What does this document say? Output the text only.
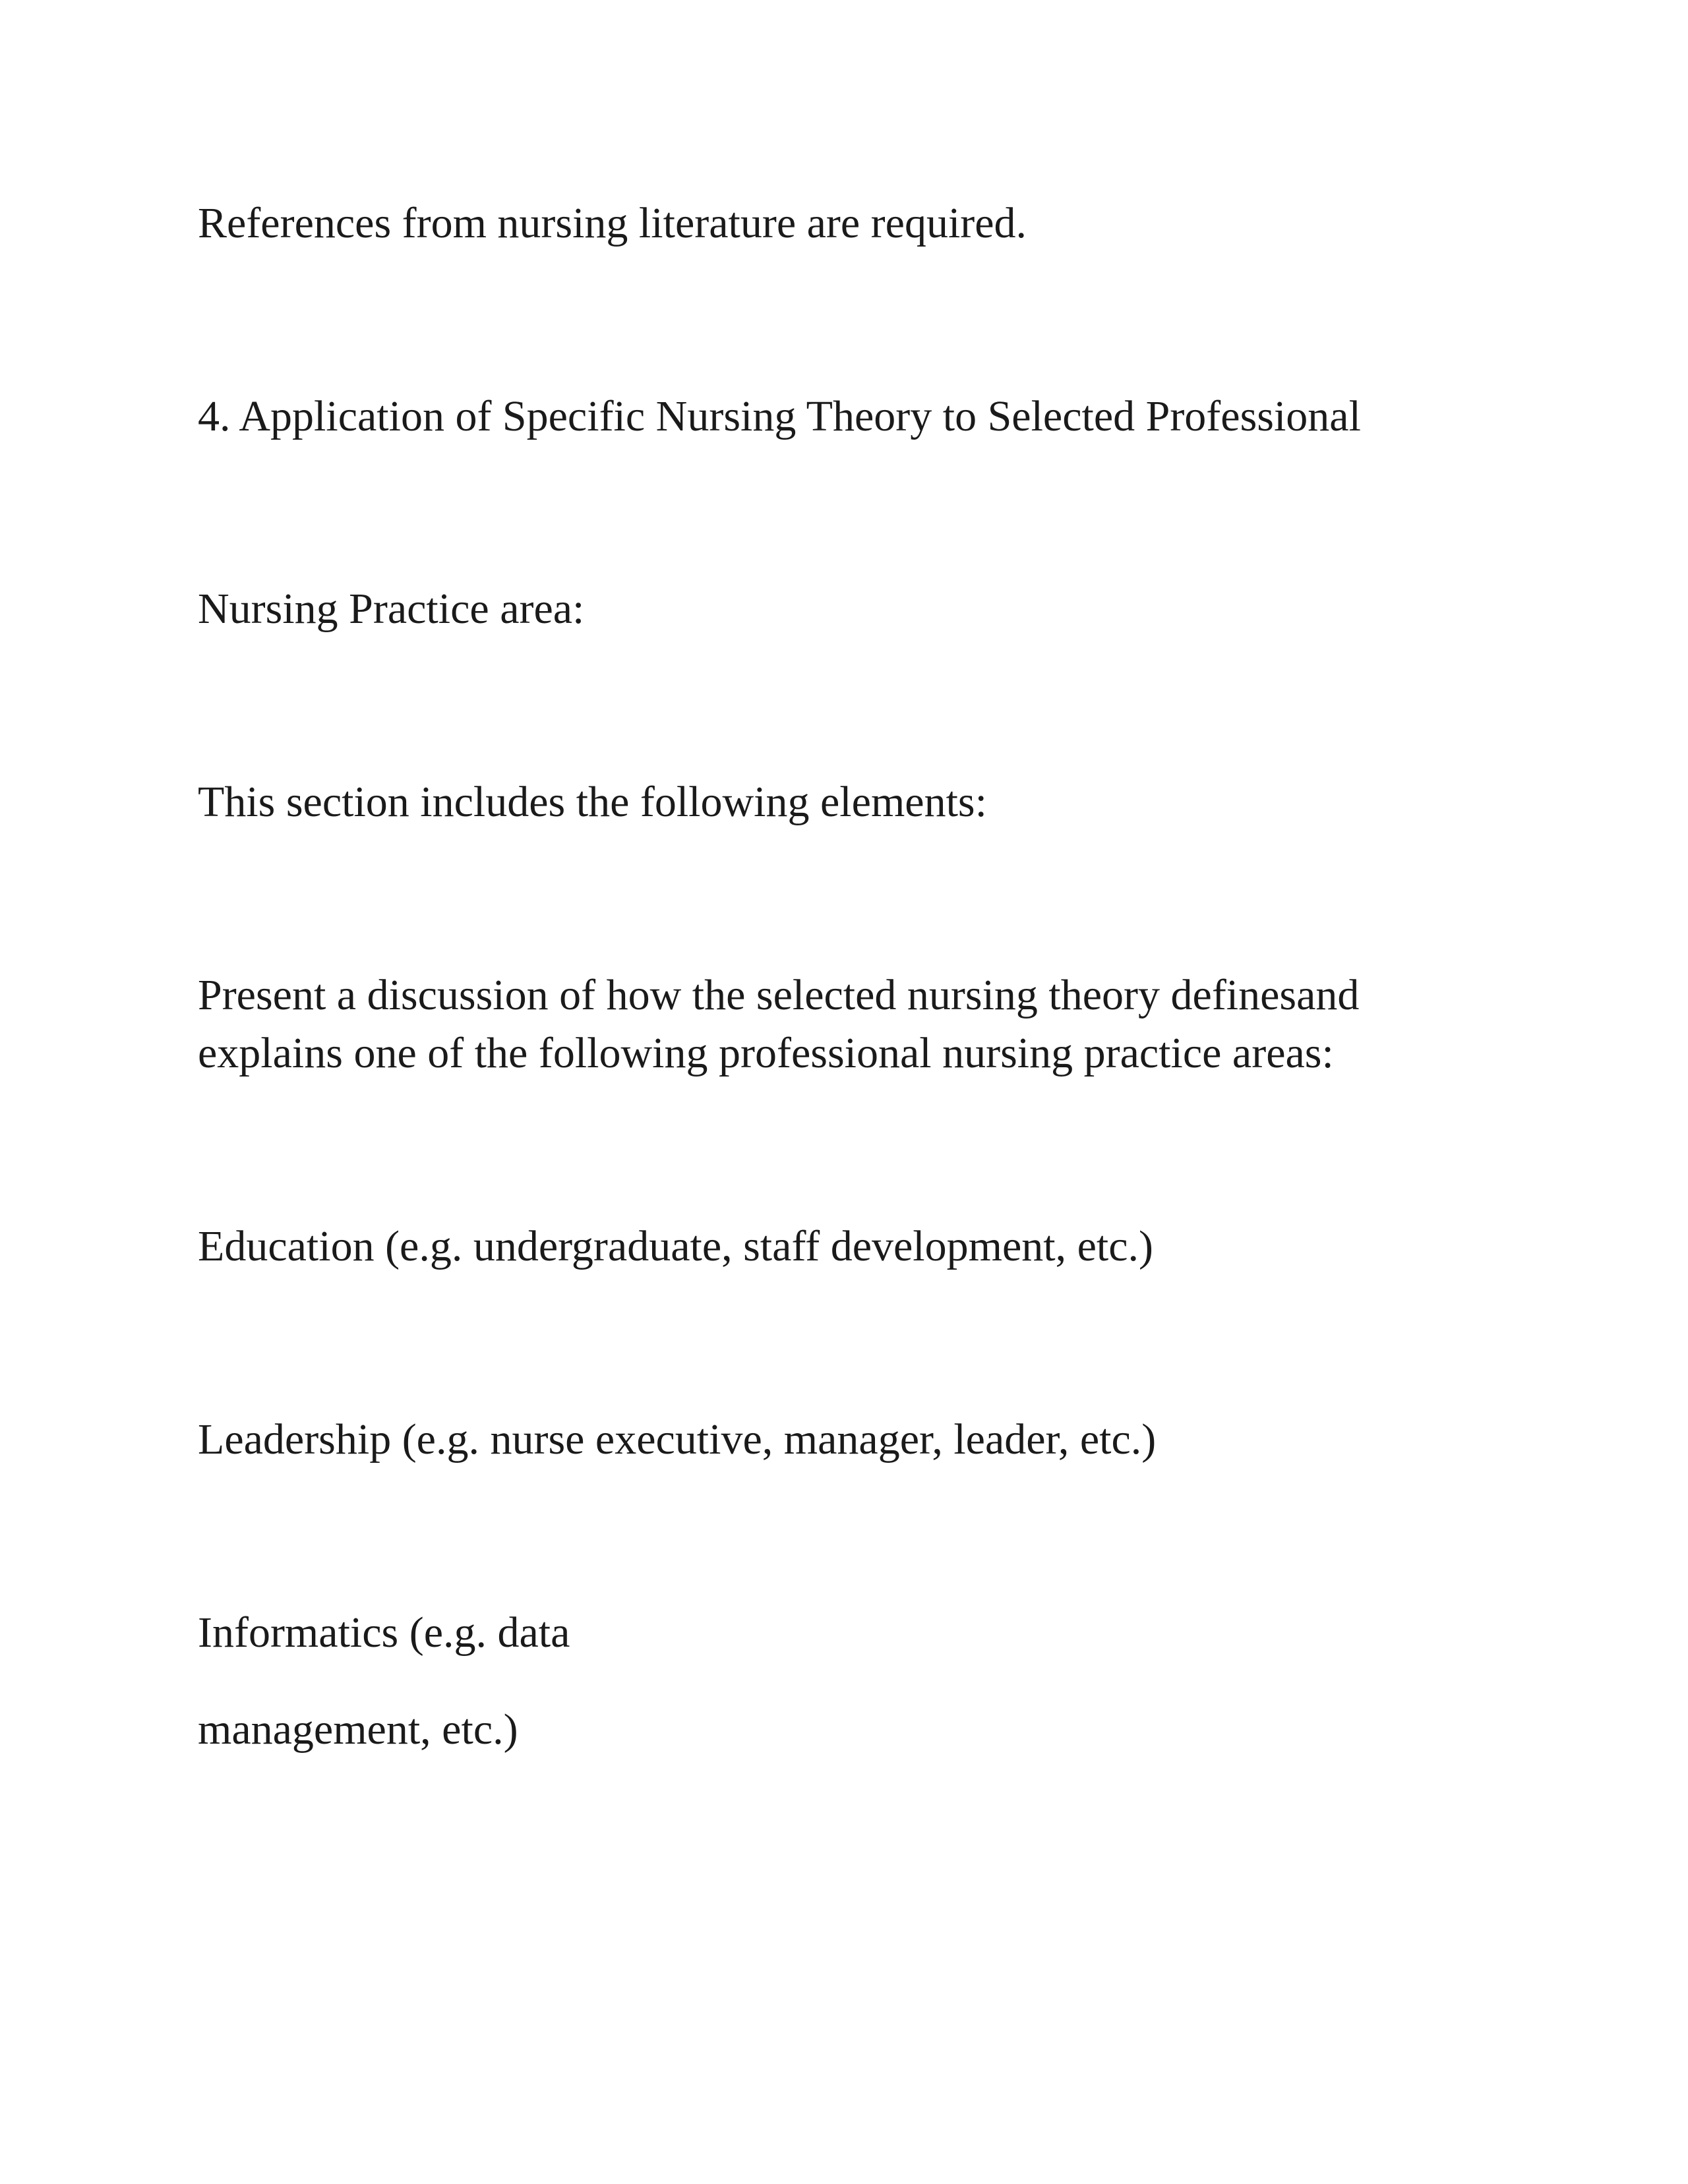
References from nursing literature are required.

4. Application of Specific Nursing Theory to Selected Professional

Nursing Practice area:

This section includes the following elements:

Present a discussion of how the selected nursing theory definesand
explains one of the following professional nursing practice areas:

Education (e.g. undergraduate, staff development, etc.)

Leadership (e.g. nurse executive, manager, leader, etc.)

Informatics (e.g. data

management, etc.)
